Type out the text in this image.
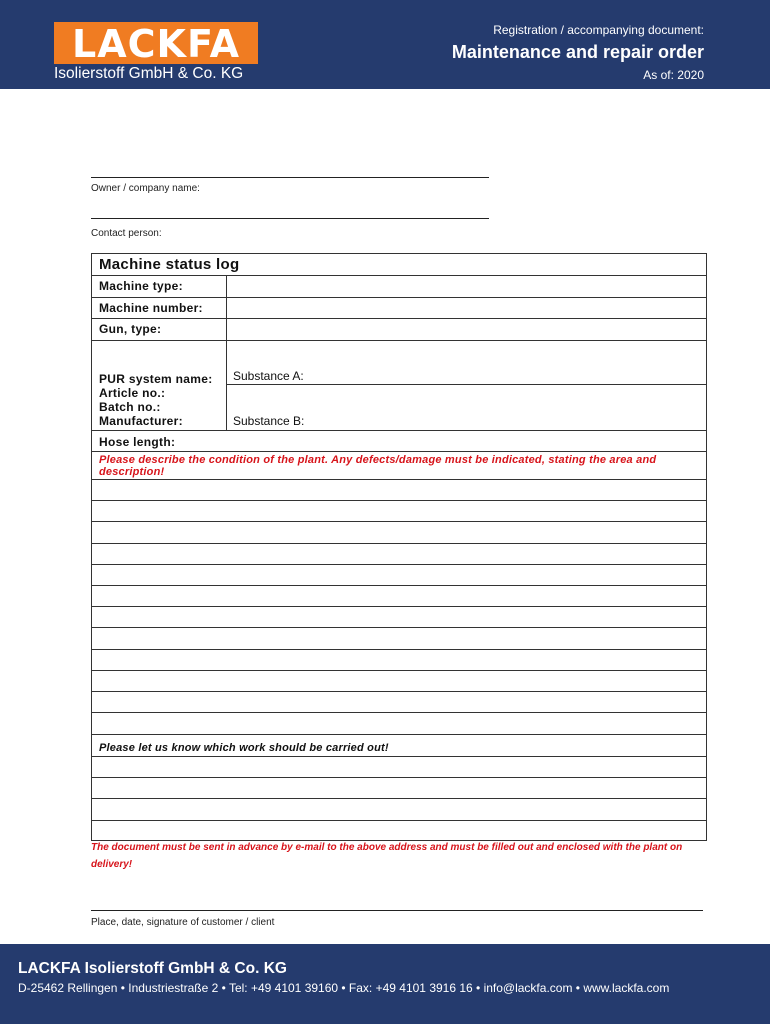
LACKFA
Isolierstoff GmbH & Co. KG
Registration / accompanying document:
Maintenance and repair order
As of: 2020
Owner / company name:
Contact person:
Machine status log
Machine type:
Machine number:
Gun, type:
PUR system name:
Article no.:
Batch no.:
Manufacturer:
Substance A:
Substance B:
Hose length:
Please describe the condition of the plant. Any defects/damage must be indicated, stating the area and description!
Please let us know which work should be carried out!
The document must be sent in advance by e-mail to the above address and must be filled out and enclosed with the plant on delivery!
Place, date, signature of customer / client
LACKFA Isolierstoff GmbH & Co. KG
D-25462 Rellingen • Industriestraße 2 • Tel: +49 4101 39160 • Fax: +49 4101 3916 16 • info@lackfa.com • www.lackfa.com
